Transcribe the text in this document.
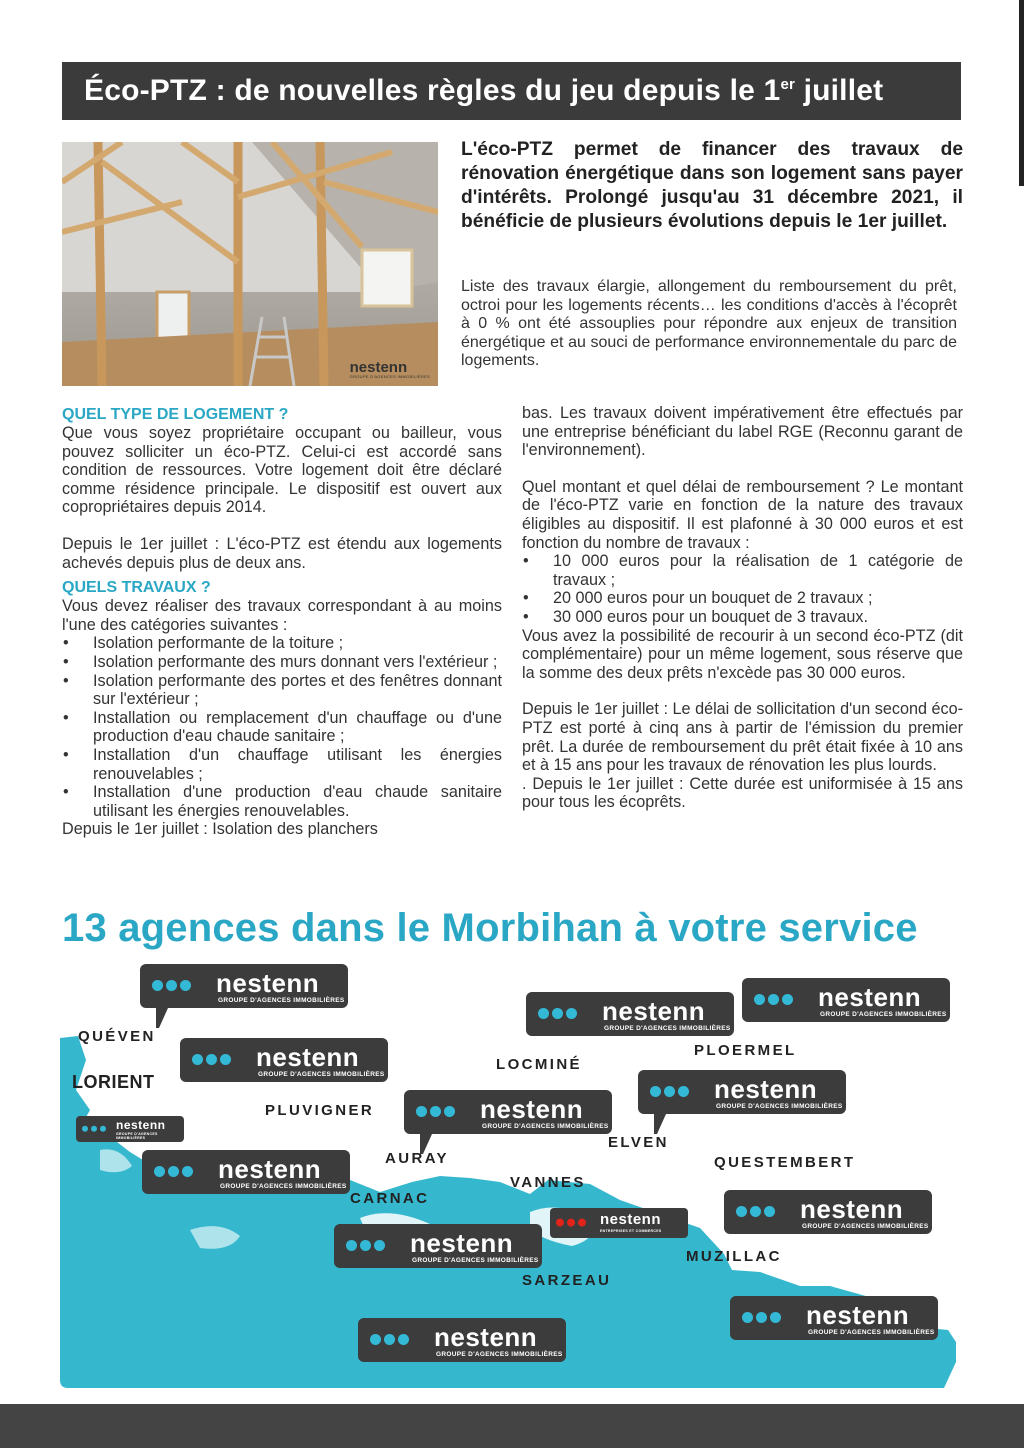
Éco-PTZ : de nouvelles règles du jeu depuis le 1er juillet
nestenn
GROUPE D'AGENCES IMMOBILIÈRES

L'éco-PTZ permet de financer des travaux de rénovation énergétique dans son logement sans payer d'intérêts. Prolongé jusqu'au 31 décembre 2021, il bénéficie de plusieurs évolutions depuis le 1er juillet.

Liste des travaux élargie, allongement du remboursement du prêt, octroi pour les logements récents… les conditions d'accès à l'écoprêt à 0 % ont été assouplies pour répondre aux enjeux de transition énergétique et au souci de performance environnementale du parc de logements.

QUEL TYPE DE LOGEMENT ?

Que vous soyez propriétaire occupant ou bailleur, vous pouvez solliciter un éco-PTZ. Celui-ci est accordé sans condition de ressources. Votre logement doit être déclaré comme résidence principale. Le dispositif est ouvert aux copropriétaires depuis 2014.

Depuis le 1er juillet : L'éco-PTZ est étendu aux logements achevés depuis plus de deux ans.

QUELS TRAVAUX ?

Vous devez réaliser des travaux correspondant à au moins l'une des catégories suivantes :

• Isolation performante de la toiture ;
• Isolation performante des murs donnant vers l'extérieur ;
• Isolation performante des portes et des fenêtres donnant sur l'extérieur ;
• Installation ou remplacement d'un chauffage ou d'une production d'eau chaude sanitaire ;
• Installation d'un chauffage utilisant les énergies renouvelables ;
• Installation d'une production d'eau chaude sanitaire utilisant les énergies renouvelables.

Depuis le 1er juillet : Isolation des planchers

bas. Les travaux doivent impérativement être effectués par une entreprise bénéficiant du label RGE (Reconnu garant de l'environnement).

Quel montant et quel délai de remboursement ? Le montant de l'éco-PTZ varie en fonction de la nature des travaux éligibles au dispositif. Il est plafonné à 30 000 euros et est fonction du nombre de travaux :

• 10 000 euros pour la réalisation de 1 catégorie de travaux ;
• 20 000 euros pour un bouquet de 2 travaux ;
• 30 000 euros pour un bouquet de 3 travaux.

Vous avez la possibilité de recourir à un second éco-PTZ (dit complémentaire) pour un même logement, sous réserve que la somme des deux prêts n'excède pas 30 000 euros.

Depuis le 1er juillet : Le délai de sollicitation d'un second éco-PTZ est porté à cinq ans à partir de l'émission du premier prêt. La durée de remboursement du prêt était fixée à 10 ans et à 15 ans pour les travaux de rénovation les plus lourds.

. Depuis le 1er juillet : Cette durée est uniformisée à 15 ans pour tous les écoprêts.

13 agences dans le Morbihan à votre service
nestenn
GROUPE D'AGENCES IMMOBILIÈRES
QUÉVEN
nestenn
GROUPE D'AGENCES IMMOBILIÈRES
LORIENT
PLUVIGNER
nestenn
GROUPE D'AGENCES IMMOBILIÈRES
nestenn
GROUPE D'AGENCES IMMOBILIÈRES
AURAY
nestenn
GROUPE D'AGENCES IMMOBILIÈRES
CARNAC
nestenn
GROUPE D'AGENCES IMMOBILIÈRES
nestenn
GROUPE D'AGENCES IMMOBILIÈRES
SARZEAU
nestenn
GROUPE D'AGENCES IMMOBILIÈRES
LOCMINÉ
nestenn
GROUPE D'AGENCES IMMOBILIÈRES
PLOERMEL
nestenn
GROUPE D'AGENCES IMMOBILIÈRES
ELVEN
VANNES
nestenn
ENTREPRISES ET COMMERCES
QUESTEMBERT
nestenn
GROUPE D'AGENCES IMMOBILIÈRES
MUZILLAC
nestenn
GROUPE D'AGENCES IMMOBILIÈRES
